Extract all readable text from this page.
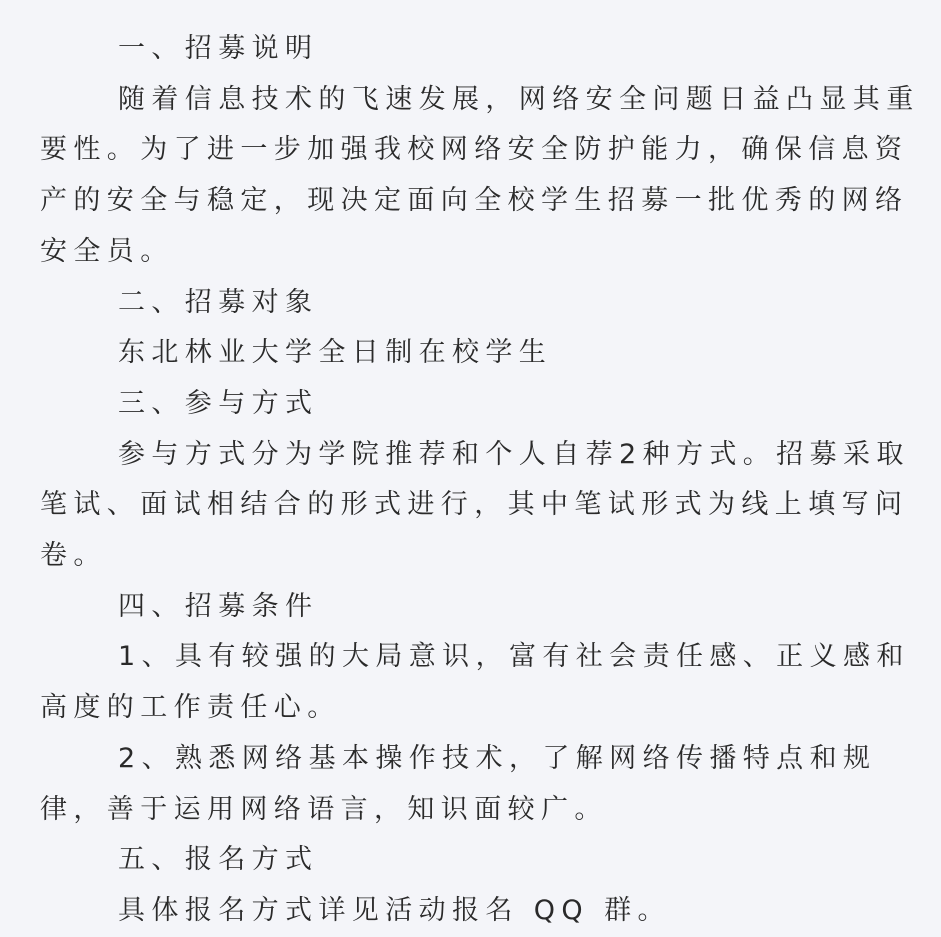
一、招募说明
随着信息技术的飞速发展，网络安全问题日益凸显其重
要性。为了进一步加强我校网络安全防护能力，确保信息资
产的安全与稳定，现决定面向全校学生招募一批优秀的网络
安全员。
二、招募对象
东北林业大学全日制在校学生
三、参与方式
参与方式分为学院推荐和个人自荐2种方式。招募采取
笔试、面试相结合的形式进行，其中笔试形式为线上填写问
卷。
四、招募条件
1、具有较强的大局意识，富有社会责任感、正义感和
高度的工作责任心。
2、熟悉网络基本操作技术，了解网络传播特点和规
律，善于运用网络语言，知识面较广。
五、报名方式
具体报名方式详见活动报名 QQ 群。
